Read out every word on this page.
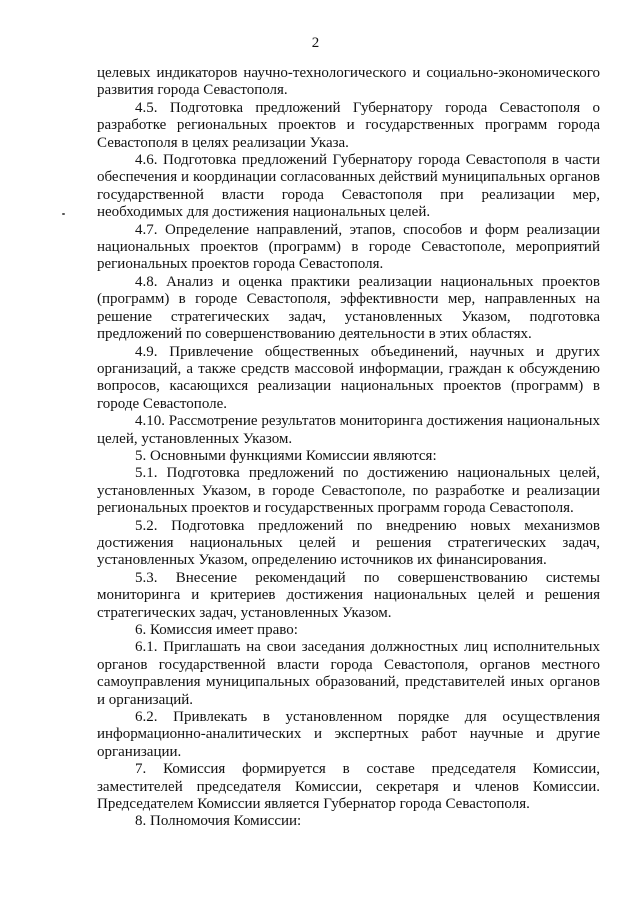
2

целевых индикаторов научно-технологического и социально-экономического развития города Севастополя.

4.5. Подготовка предложений Губернатору города Севастополя о разработке региональных проектов и государственных программ города Севастополя в целях реализации Указа.

4.6. Подготовка предложений Губернатору города Севастополя в части обеспечения и координации согласованных действий муниципальных органов государственной власти города Севастополя при реализации мер, необходимых для достижения национальных целей.

4.7. Определение направлений, этапов, способов и форм реализации национальных проектов (программ) в городе Севастополе, мероприятий региональных проектов города Севастополя.

4.8. Анализ и оценка практики реализации национальных проектов (программ) в городе Севастополя, эффективности мер, направленных на решение стратегических задач, установленных Указом, подготовка предложений по совершенствованию деятельности в этих областях.

4.9. Привлечение общественных объединений, научных и других организаций, а также средств массовой информации, граждан к обсуждению вопросов, касающихся реализации национальных проектов (программ) в городе Севастополе.

4.10. Рассмотрение результатов мониторинга достижения национальных целей, установленных Указом.

5. Основными функциями Комиссии являются:

5.1. Подготовка предложений по достижению национальных целей, установленных Указом, в городе Севастополе, по разработке и реализации региональных проектов и государственных программ города Севастополя.

5.2. Подготовка предложений по внедрению новых механизмов достижения национальных целей и решения стратегических задач, установленных Указом, определению источников их финансирования.

5.3. Внесение рекомендаций по совершенствованию системы мониторинга и критериев достижения национальных целей и решения стратегических задач, установленных Указом.

6. Комиссия имеет право:

6.1. Приглашать на свои заседания должностных лиц исполнительных органов государственной власти города Севастополя, органов местного самоуправления муниципальных образований, представителей иных органов и организаций.

6.2. Привлекать в установленном порядке для осуществления информационно-аналитических и экспертных работ научные и другие организации.

7. Комиссия формируется в составе председателя Комиссии, заместителей председателя Комиссии, секретаря и членов Комиссии. Председателем Комиссии является Губернатор города Севастополя.

8. Полномочия Комиссии:
